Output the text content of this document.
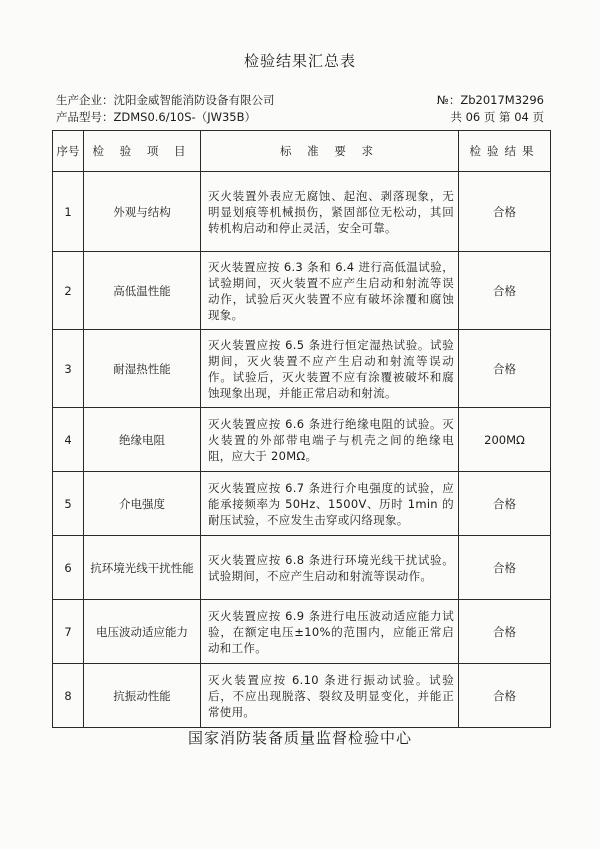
检验结果汇总表
生产企业：沈阳金威智能消防设备有限公司
产品型号：ZDMS0.6/10S-（JW35B）
№：Zb2017M3296
共 06 页 第 04 页
序号	检 验 项 目	标 准 要 求	检验结果
1	外观与结构	灭火装置外表应无腐蚀、起泡、剥落现象，无明显划痕等机械损伤，紧固部位无松动，其回转机构启动和停止灵活，安全可靠。	合格
2	高低温性能	灭火装置应按 6.3 条和 6.4 进行高低温试验，试验期间，灭火装置不应产生启动和射流等误动作，试验后灭火装置不应有破坏涂覆和腐蚀现象。	合格
3	耐湿热性能	灭火装置应按 6.5 条进行恒定湿热试验。试验期间，灭火装置不应产生启动和射流等误动作。试验后，灭火装置不应有涂覆被破坏和腐蚀现象出现，并能正常启动和射流。	合格
4	绝缘电阻	灭火装置应按 6.6 条进行绝缘电阻的试验。灭火装置的外部带电端子与机壳之间的绝缘电阻，应大于 20MΩ。	200MΩ
5	介电强度	灭火装置应按 6.7 条进行介电强度的试验，应能承接频率为 50Hz、1500V、历时 1min 的耐压试验，不应发生击穿或闪络现象。	合格
6	抗环境光线干扰性能	灭火装置应按 6.8 条进行环境光线干扰试验。试验期间，不应产生启动和射流等误动作。	合格
7	电压波动适应能力	灭火装置应按 6.9 条进行电压波动适应能力试验，在额定电压±10%的范围内，应能正常启动和工作。	合格
8	抗振动性能	灭火装置应按 6.10 条进行振动试验。试验后，不应出现脱落、裂纹及明显变化，并能正常使用。	合格
国家消防装备质量监督检验中心
